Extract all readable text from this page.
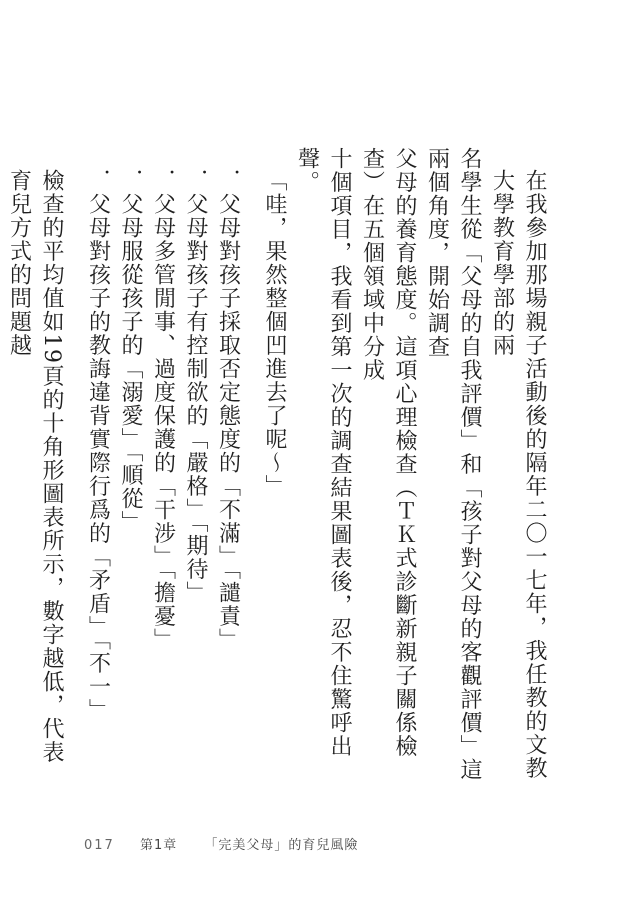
在我參加那場親子活動後的隔年二〇一七年，我任教的文教大學教育學部的兩
名學生從「父母的自我評價」和「孩子對父母的客觀評價」這兩個角度，開始調查
父母的養育態度。這項心理檢查（ＴＫ式診斷新親子關係檢查）在五個領域中分成
十個項目，我看到第一次的調查結果圖表後，忍不住驚呼出聲。
「哇，果然整個凹進去了呢～」
．父母對孩子採取否定態度的「不滿」「譴責」
．父母對孩子有控制欲的「嚴格」「期待」
．父母多管閒事、過度保護的「干涉」「擔憂」
．父母服從孩子的「溺愛」「順從」
．父母對孩子的教誨違背實際行爲的「矛盾」「不一」
檢查的平均值如19頁的十角形圖表所示，數字越低，代表育兒方式的問題越
017 第1章 「完美父母」的育兒風險
